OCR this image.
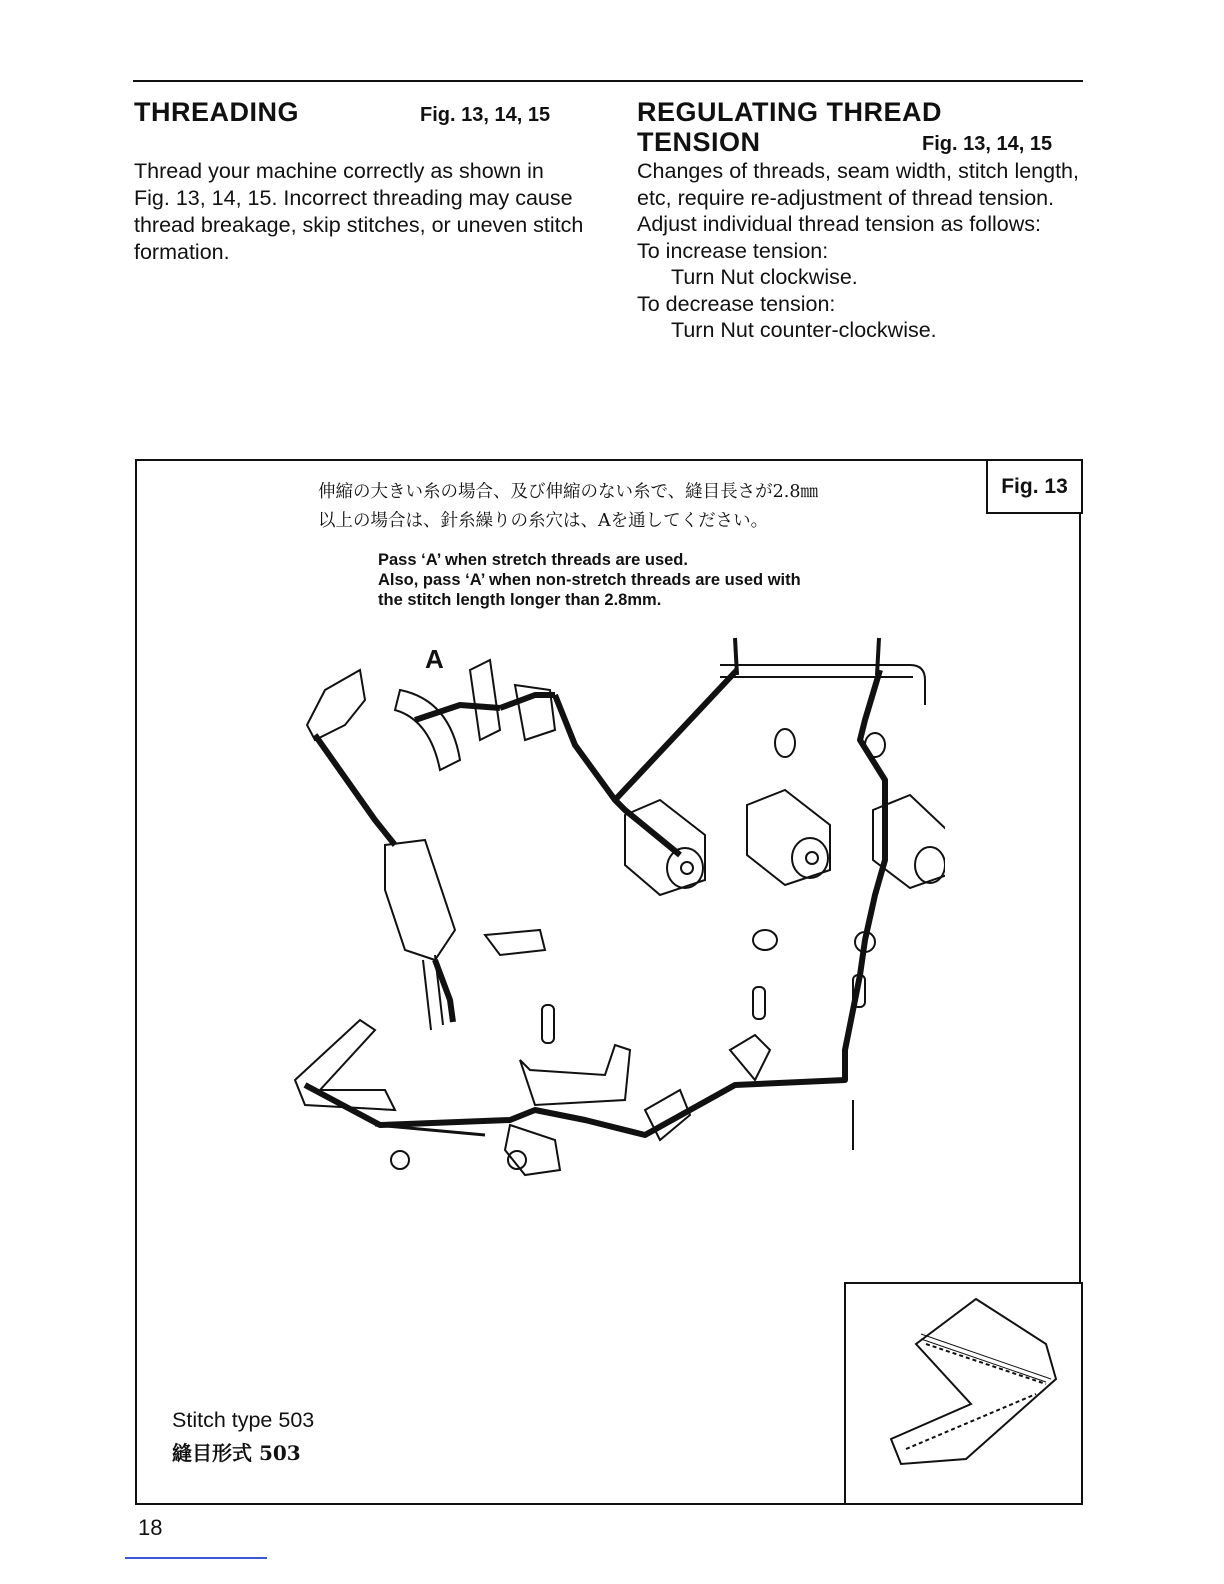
THREADING	Fig. 13, 14, 15
Thread your machine correctly as shown in Fig. 13, 14, 15. Incorrect threading may cause thread breakage, skip stitches, or uneven stitch formation.
REGULATING THREAD
TENSION	Fig. 13, 14, 15
Changes of threads, seam width, stitch length, etc, require re-adjustment of thread tension.
Adjust individual thread tension as follows:
To increase tension:
Turn Nut clockwise.
To decrease tension:
Turn Nut counter-clockwise.
Fig. 13
伸縮の大きい糸の場合、及び伸縮のない糸で、縫目長さが2.8㎜
以上の場合は、針糸繰りの糸穴は、Aを通してください。
Pass ‘A’ when stretch threads are used.
Also, pass ‘A’ when non-stretch threads are used with
the stitch length longer than 2.8mm.
A
Stitch type 503
縫目形式 503
18
